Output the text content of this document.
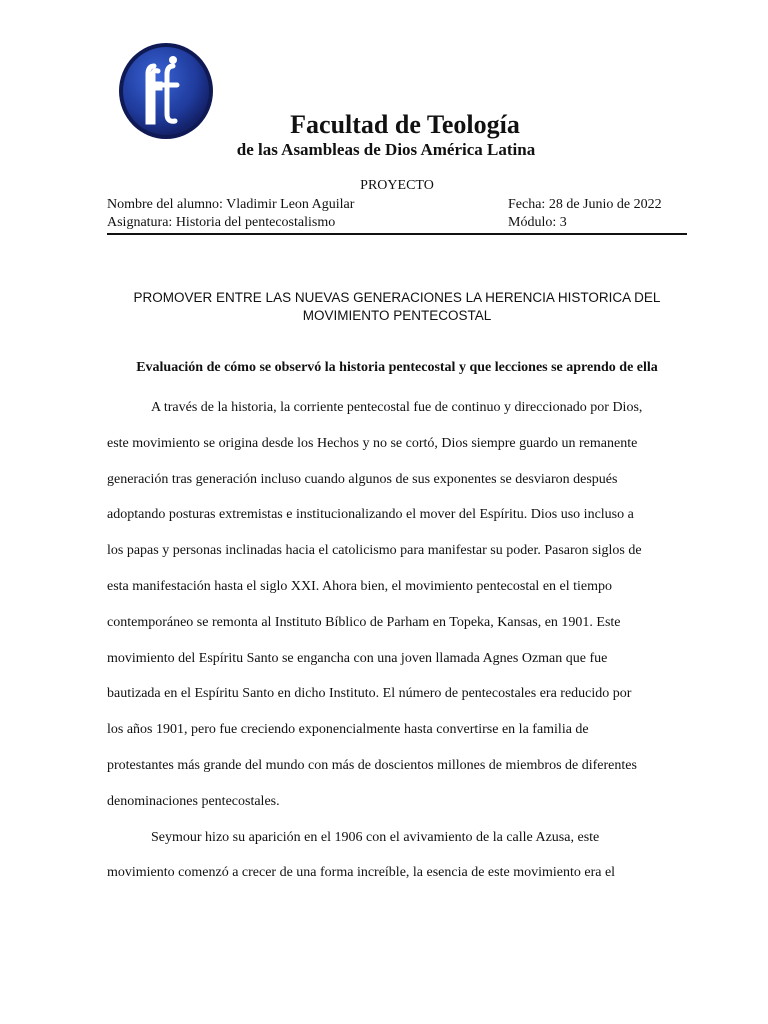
Facultad de Teología
de las Asambleas de Dios América Latina
PROYECTO
Nombre del alumno: Vladimir Leon Aguilar	Fecha: 28 de Junio de 2022
Asignatura: Historia del pentecostalismo	Módulo: 3
PROMOVER ENTRE LAS NUEVAS GENERACIONES LA HERENCIA HISTORICA DEL
MOVIMIENTO PENTECOSTAL
Evaluación de cómo se observó la historia pentecostal y que lecciones se aprendo de ella

A través de la historia, la corriente pentecostal fue de continuo y direccionado por Dios,
este movimiento se origina desde los Hechos y no se cortó, Dios siempre guardo un remanente
generación tras generación incluso cuando algunos de sus exponentes se desviaron después
adoptando posturas extremistas e institucionalizando el mover del Espíritu. Dios uso incluso a
los papas y personas inclinadas hacia el catolicismo para manifestar su poder. Pasaron siglos de
esta manifestación hasta el siglo XXI. Ahora bien, el movimiento pentecostal en el tiempo
contemporáneo se remonta al Instituto Bíblico de Parham en Topeka, Kansas, en 1901. Este
movimiento del Espíritu Santo se engancha con una joven llamada Agnes Ozman que fue
bautizada en el Espíritu Santo en dicho Instituto. El número de pentecostales era reducido por
los años 1901, pero fue creciendo exponencialmente hasta convertirse en la familia de
protestantes más grande del mundo con más de doscientos millones de miembros de diferentes
denominaciones pentecostales.

Seymour hizo su aparición en el 1906 con el avivamiento de la calle Azusa, este
movimiento comenzó a crecer de una forma increíble, la esencia de este movimiento era el
